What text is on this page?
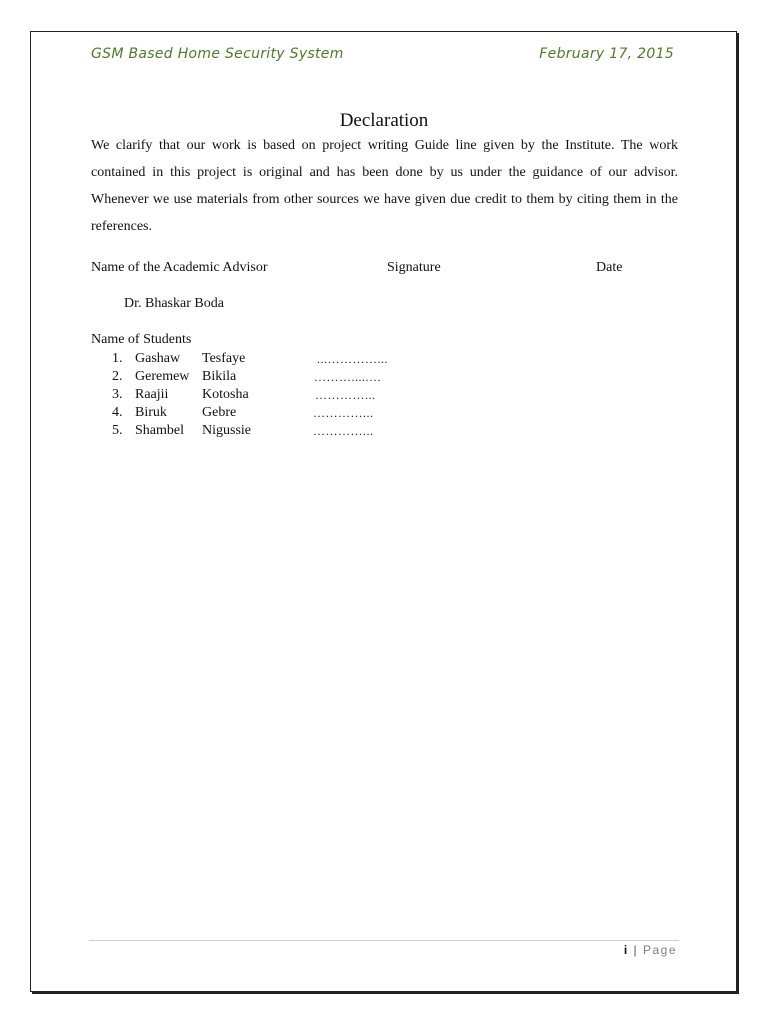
GSM Based Home Security System	February 17, 2015
Declaration

We clarify that our work is based on project writing Guide line given by the Institute. The work contained in this project is original and has been done by us under the guidance of our advisor. Whenever we use materials from other sources we have given due credit to them by citing them in the references.

Name of the Academic Advisor	Signature	Date
Dr. Bhaskar Boda
Name of Students
1. Gashaw Tesfaye	...…………...
2. Geremew Bikila	……….....…
3. Raajii Kotosha	…………...
4. Biruk	Gebre	…………...
5. Shambel Nigussie	…………...
i | Page
